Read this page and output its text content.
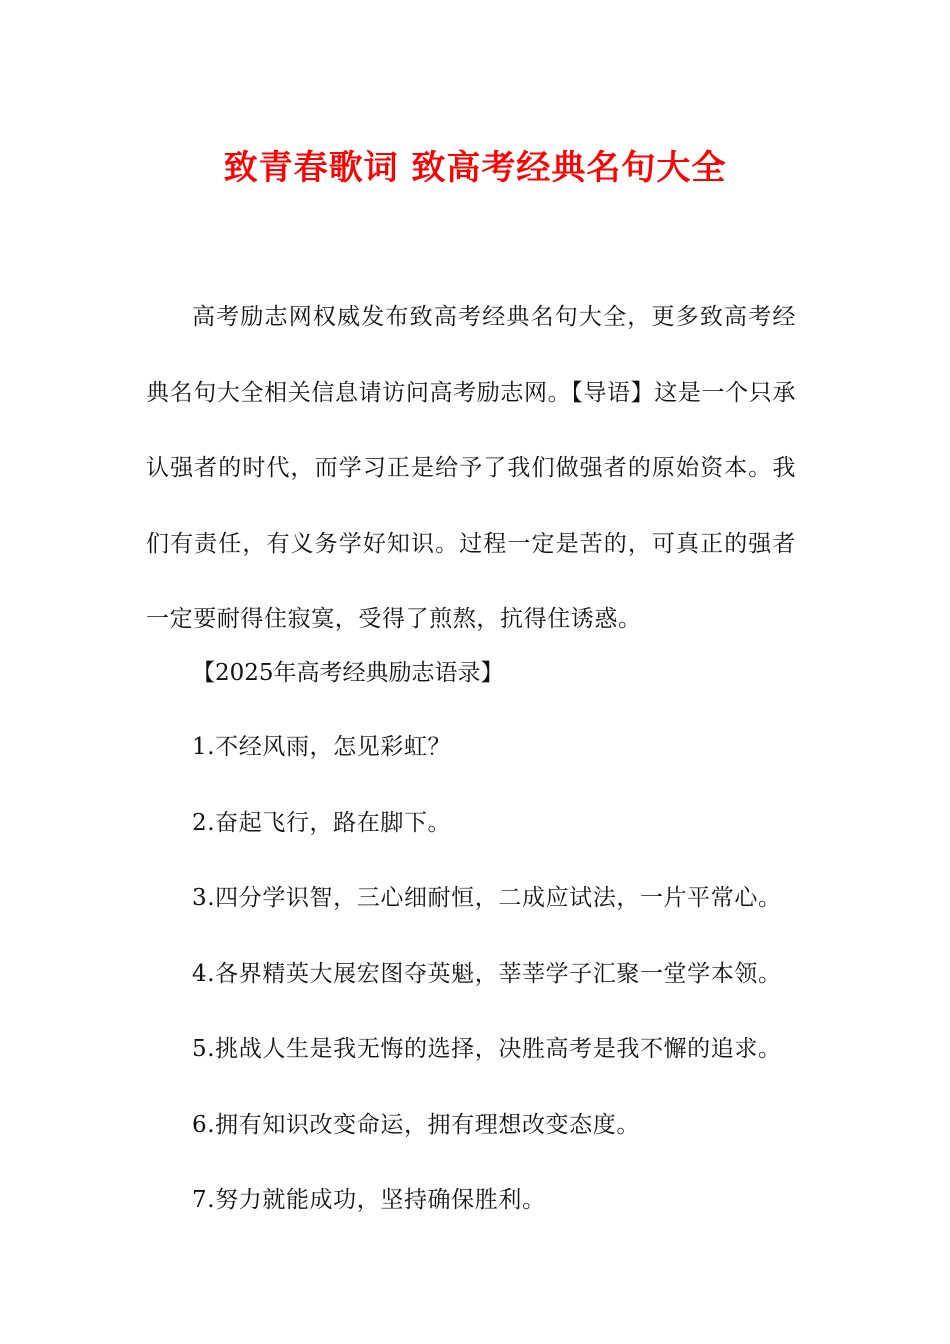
致青春歌词 致高考经典名句大全

高考励志网权威发布致高考经典名句大全，更多致高考经典名句大全相关信息请访问高考励志网。【导语】这是一个只承认强者的时代，而学习正是给予了我们做强者的原始资本。我们有责任，有义务学好知识。过程一定是苦的，可真正的强者一定要耐得住寂寞，受得了煎熬，抗得住诱惑。

【2025年高考经典励志语录】

1.不经风雨，怎见彩虹？
2.奋起飞行，路在脚下。
3.四分学识智，三心细耐恒，二成应试法，一片平常心。
4.各界精英大展宏图夺英魁，莘莘学子汇聚一堂学本领。
5.挑战人生是我无悔的选择，决胜高考是我不懈的追求。
6.拥有知识改变命运，拥有理想改变态度。
7.努力就能成功，坚持确保胜利。
